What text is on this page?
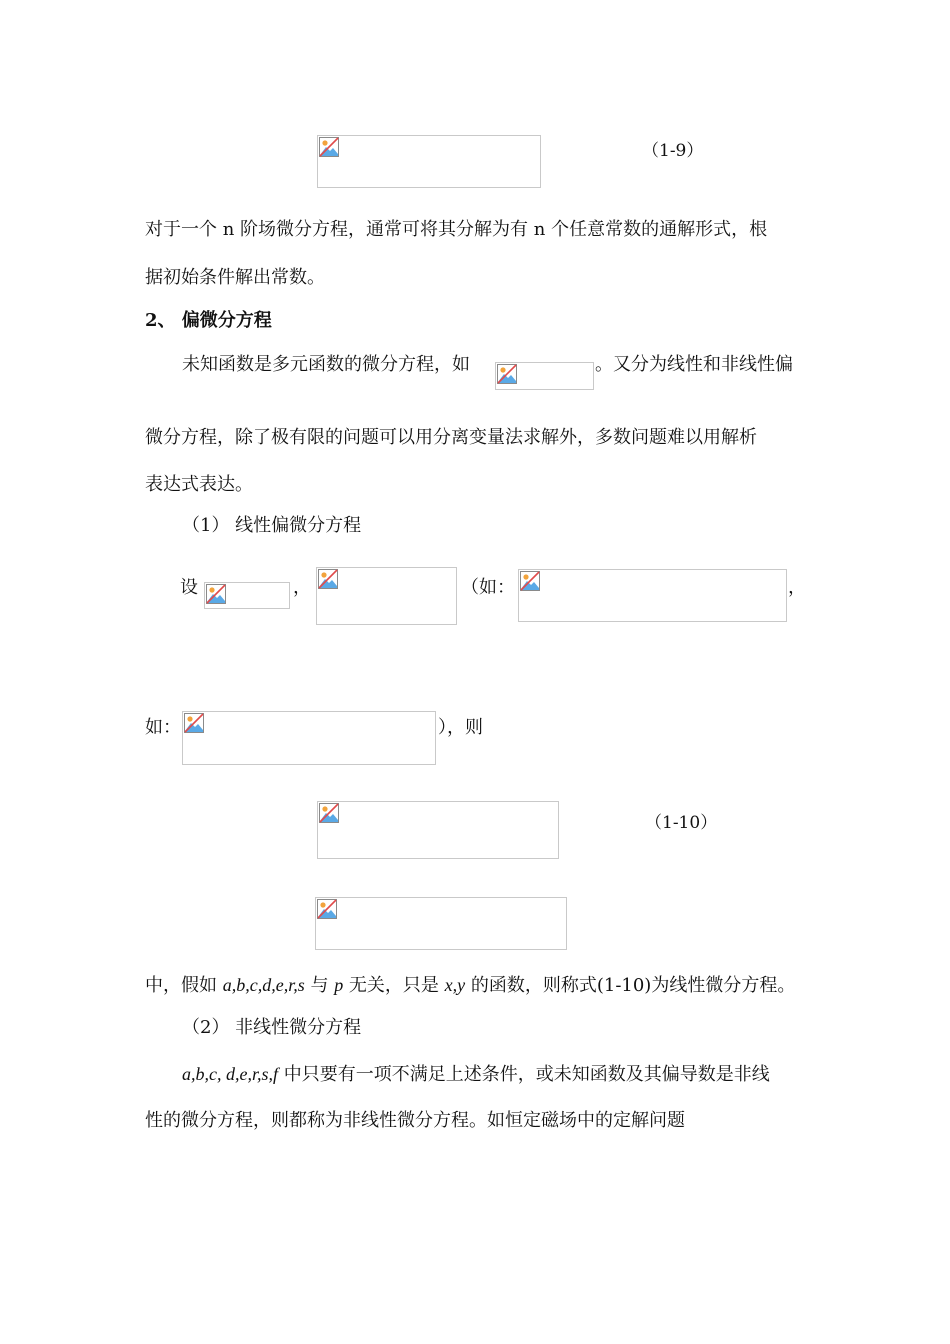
（1-9）
对于一个 n 阶场微分方程，通常可将其分解为有 n 个任意常数的通解形式，根
据初始条件解出常数。
2、 偏微分方程
未知函数是多元函数的微分方程，如	。又分为线性和非线性偏
微分方程，除了极有限的问题可以用分离变量法求解外，多数问题难以用解析
表达式表达。
（1） 线性偏微分方程
设	，	（如：	，
如：	），则
（1-10）
中，假如 a,b,c,d,e,r,s 与 p 无关，只是 x,y 的函数，则称式(1-10)为线性微分方程。
（2） 非线性微分方程
a,b,c, d,e,r,s,f 中只要有一项不满足上述条件，或未知函数及其偏导数是非线
性的微分方程，则都称为非线性微分方程。如恒定磁场中的定解问题
